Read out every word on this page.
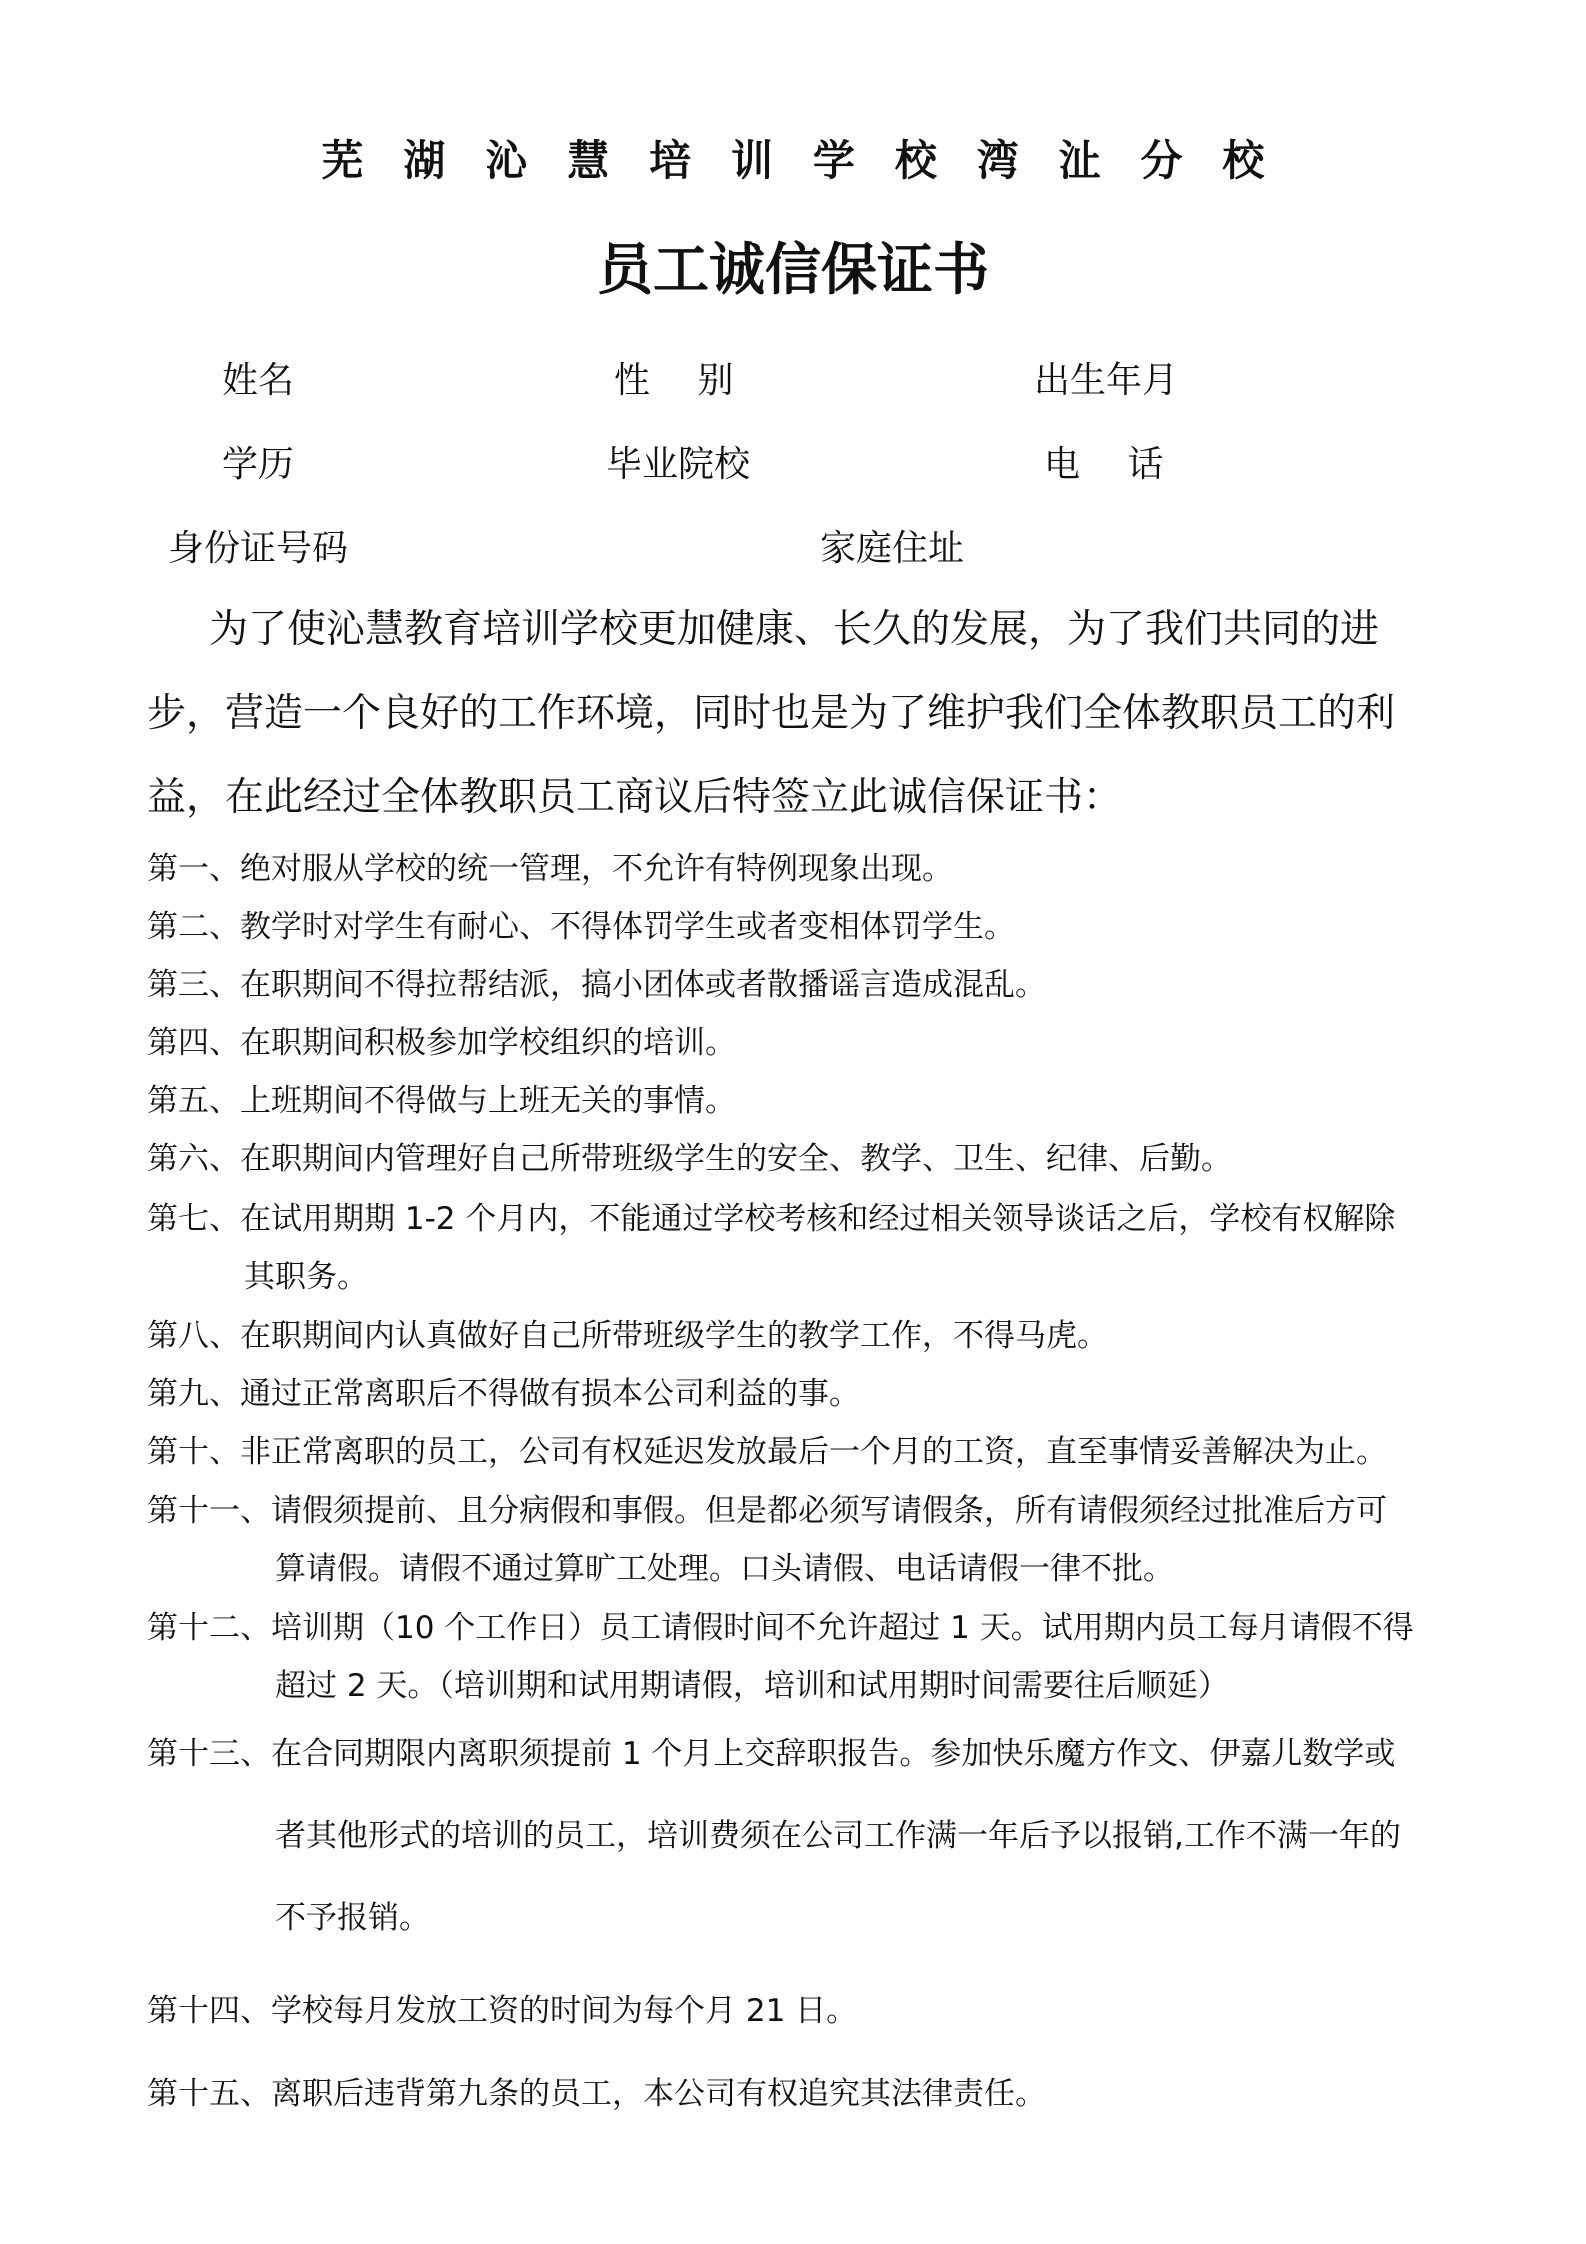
芜湖沁慧培训学校湾沚分校
员工诚信保证书
姓名	性　 别	出生年月
学历	毕业院校	电　 话
身份证号码	家庭住址

为了使沁慧教育培训学校更加健康、长久的发展，为了我们共同的进步，营造一个良好的工作环境，同时也是为了维护我们全体教职员工的利益，在此经过全体教职员工商议后特签立此诚信保证书：

第一、绝对服从学校的统一管理，不允许有特例现象出现。
第二、教学时对学生有耐心、不得体罚学生或者变相体罚学生。
第三、在职期间不得拉帮结派，搞小团体或者散播谣言造成混乱。
第四、在职期间积极参加学校组织的培训。
第五、上班期间不得做与上班无关的事情。
第六、在职期间内管理好自己所带班级学生的安全、教学、卫生、纪律、后勤。
第七、在试用期期 1-2 个月内，不能通过学校考核和经过相关领导谈话之后，学校有权解除
其职务。
第八、在职期间内认真做好自己所带班级学生的教学工作，不得马虎。
第九、通过正常离职后不得做有损本公司利益的事。
第十、非正常离职的员工，公司有权延迟发放最后一个月的工资，直至事情妥善解决为止。
第十一、请假须提前、且分病假和事假。但是都必须写请假条，所有请假须经过批准后方可
算请假。请假不通过算旷工处理。口头请假、电话请假一律不批。
第十二、培训期（10 个工作日）员工请假时间不允许超过 1 天。试用期内员工每月请假不得
超过 2 天。（培训期和试用期请假，培训和试用期时间需要往后顺延）
第十三、在合同期限内离职须提前 1 个月上交辞职报告。参加快乐魔方作文、伊嘉儿数学或
者其他形式的培训的员工，培训费须在公司工作满一年后予以报销,工作不满一年的
不予报销。
第十四、学校每月发放工资的时间为每个月 21 日。
第十五、离职后违背第九条的员工，本公司有权追究其法律责任。
